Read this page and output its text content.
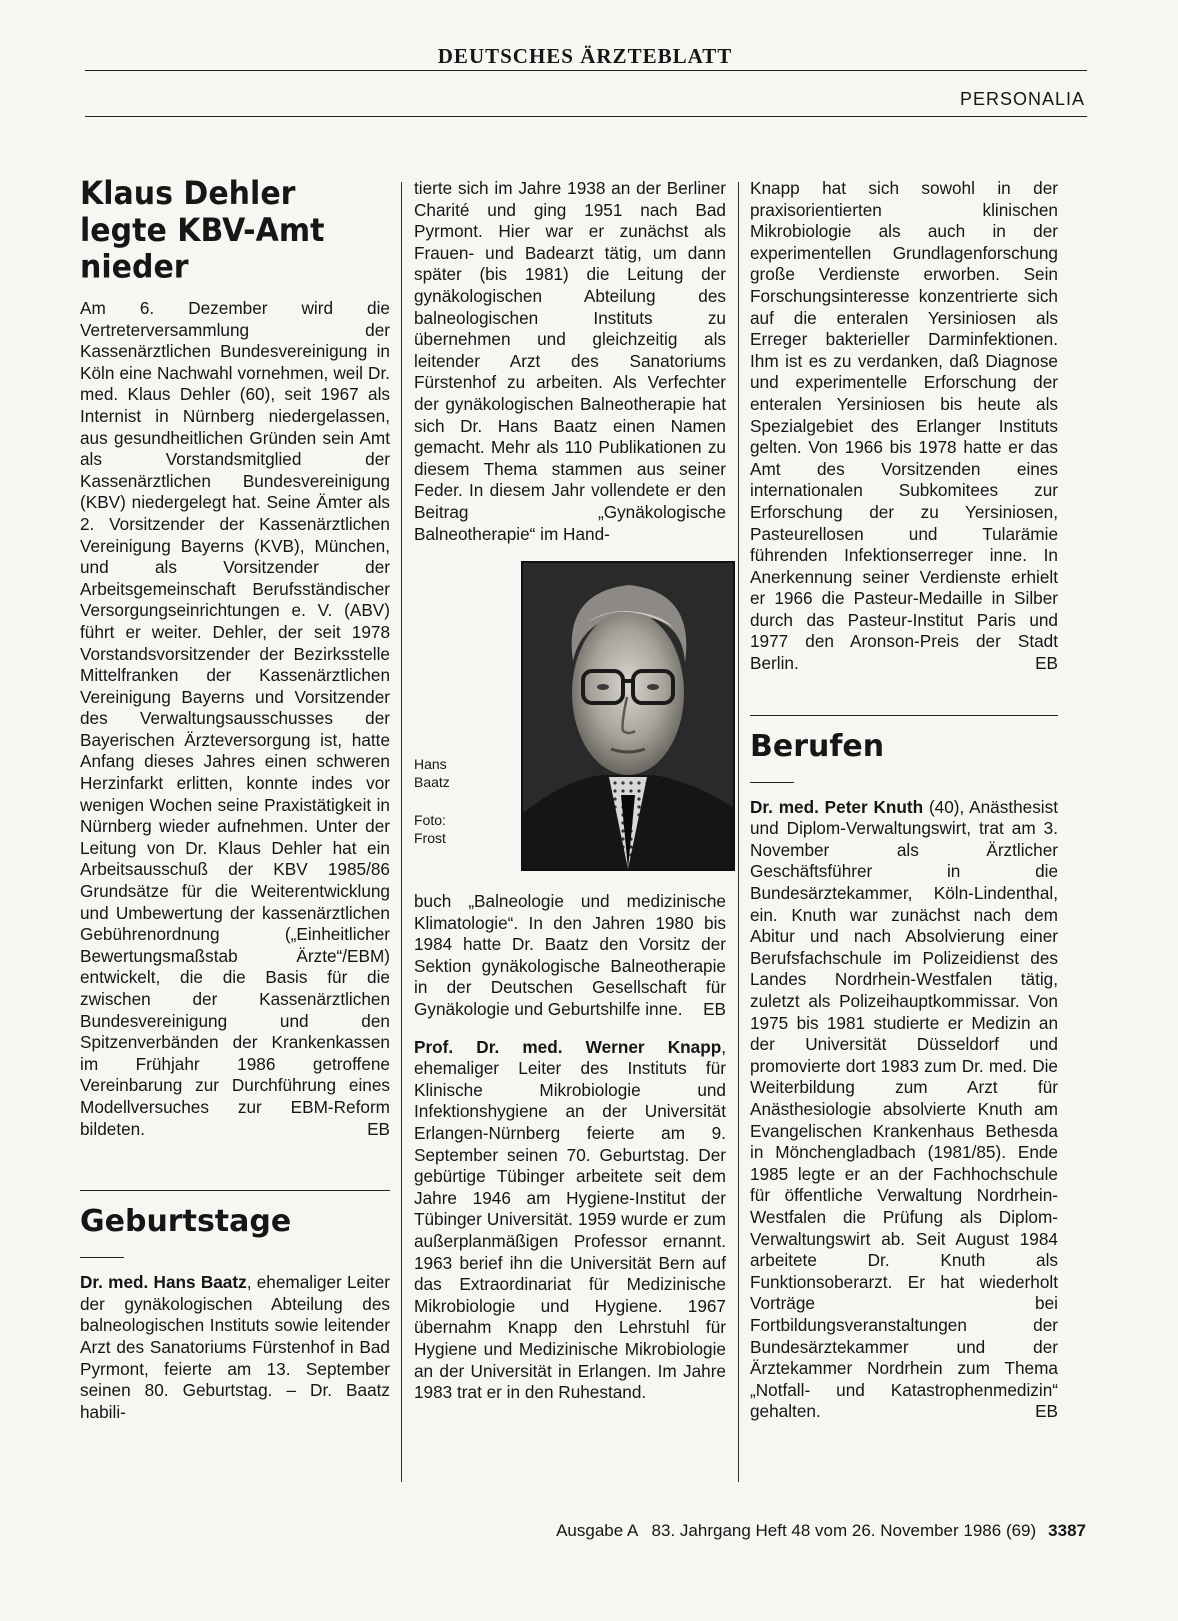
DEUTSCHES ÄRZTEBLATT
PERSONALIA
Klaus Dehler legte KBV-Amt nieder

Am 6. Dezember wird die Vertreterversammlung der Kassenärztlichen Bundesvereinigung in Köln eine Nachwahl vornehmen, weil Dr. med. Klaus Dehler (60), seit 1967 als Internist in Nürnberg niedergelassen, aus gesundheitlichen Gründen sein Amt als Vorstandsmitglied der Kassenärztlichen Bundesvereinigung (KBV) niedergelegt hat. Seine Ämter als 2. Vorsitzender der Kassenärztlichen Vereinigung Bayerns (KVB), München, und als Vorsitzender der Arbeitsgemeinschaft Berufsständischer Versorgungseinrichtungen e. V. (ABV) führt er weiter. Dehler, der seit 1978 Vorstandsvorsitzender der Bezirksstelle Mittelfranken der Kassenärztlichen Vereinigung Bayerns und Vorsitzender des Verwaltungsausschusses der Bayerischen Ärzteversorgung ist, hatte Anfang dieses Jahres einen schweren Herzinfarkt erlitten, konnte indes vor wenigen Wochen seine Praxistätigkeit in Nürnberg wieder aufnehmen. Unter der Leitung von Dr. Klaus Dehler hat ein Arbeitsausschuß der KBV 1985/86 Grundsätze für die Weiterentwicklung und Umbewertung der kassenärztlichen Gebührenordnung („Einheitlicher Bewertungsmaßstab Ärzte“/EBM) entwickelt, die die Basis für die zwischen der Kassenärztlichen Bundesvereinigung und den Spitzenverbänden der Krankenkassen im Frühjahr 1986 getroffene Vereinbarung zur Durchführung eines Modellversuches zur EBM-Reform bildeten.	EB

Geburtstage

Dr. med. Hans Baatz, ehemaliger Leiter der gynäkologischen Abteilung des balneologischen Instituts sowie leitender Arzt des Sanatoriums Fürstenhof in Bad Pyrmont, feierte am 13. September seinen 80. Geburtstag. – Dr. Baatz habili-

tierte sich im Jahre 1938 an der Berliner Charité und ging 1951 nach Bad Pyrmont. Hier war er zunächst als Frauen- und Badearzt tätig, um dann später (bis 1981) die Leitung der gynäkologischen Abteilung des balneologischen Instituts zu übernehmen und gleichzeitig als leitender Arzt des Sanatoriums Fürstenhof zu arbeiten. Als Verfechter der gynäkologischen Balneotherapie hat sich Dr. Hans Baatz einen Namen gemacht. Mehr als 110 Publikationen zu diesem Thema stammen aus seiner Feder. In diesem Jahr vollendete er den Beitrag „Gynäkologische Balneotherapie“ im Hand-

Hans Baatz
Foto: Frost

buch „Balneologie und medizinische Klimatologie“. In den Jahren 1980 bis 1984 hatte Dr. Baatz den Vorsitz der Sektion gynäkologische Balneotherapie in der Deutschen Gesellschaft für Gynäkologie und Geburtshilfe inne. EB

Prof. Dr. med. Werner Knapp, ehemaliger Leiter des Instituts für Klinische Mikrobiologie und Infektionshygiene an der Universität Erlangen-Nürnberg feierte am 9. September seinen 70. Geburtstag. Der gebürtige Tübinger arbeitete seit dem Jahre 1946 am Hygiene-Institut der Tübinger Universität. 1959 wurde er zum außerplanmäßigen Professor ernannt. 1963 berief ihn die Universität Bern auf das Extraordinariat für Medizinische Mikrobiologie und Hygiene. 1967 übernahm Knapp den Lehrstuhl für Hygiene und Medizinische Mikrobiologie an der Universität in Erlangen. Im Jahre 1983 trat er in den Ruhestand.

Knapp hat sich sowohl in der praxisorientierten klinischen Mikrobiologie als auch in der experimentellen Grundlagenforschung große Verdienste erworben. Sein Forschungsinteresse konzentrierte sich auf die enteralen Yersiniosen als Erreger bakterieller Darminfektionen. Ihm ist es zu verdanken, daß Diagnose und experimentelle Erforschung der enteralen Yersiniosen bis heute als Spezialgebiet des Erlanger Instituts gelten. Von 1966 bis 1978 hatte er das Amt des Vorsitzenden eines internationalen Subkomitees zur Erforschung der zu Yersiniosen, Pasteurellosen und Tularämie führenden Infektionserreger inne. In Anerkennung seiner Verdienste erhielt er 1966 die Pasteur-Medaille in Silber durch das Pasteur-Institut Paris und 1977 den Aronson-Preis der Stadt Berlin.	EB

Berufen

Dr. med. Peter Knuth (40), Anästhesist und Diplom-Verwaltungswirt, trat am 3. November als Ärztlicher Geschäftsführer in die Bundesärztekammer, Köln-Lindenthal, ein. Knuth war zunächst nach dem Abitur und nach Absolvierung einer Berufsfachschule im Polizeidienst des Landes Nordrhein-Westfalen tätig, zuletzt als Polizeihauptkommissar. Von 1975 bis 1981 studierte er Medizin an der Universität Düsseldorf und promovierte dort 1983 zum Dr. med. Die Weiterbildung zum Arzt für Anästhesiologie absolvierte Knuth am Evangelischen Krankenhaus Bethesda in Mönchengladbach (1981/85). Ende 1985 legte er an der Fachhochschule für öffentliche Verwaltung Nordrhein-Westfalen die Prüfung als Diplom-Verwaltungswirt ab. Seit August 1984 arbeitete Dr. Knuth als Funktionsoberarzt. Er hat wiederholt Vorträge bei Fortbildungsveranstaltungen der Bundesärztekammer und der Ärztekammer Nordrhein zum Thema „Notfall- und Katastrophenmedizin“ gehalten.	EB

Ausgabe A   83. Jahrgang Heft 48 vom 26. November 1986 (69) 3387
